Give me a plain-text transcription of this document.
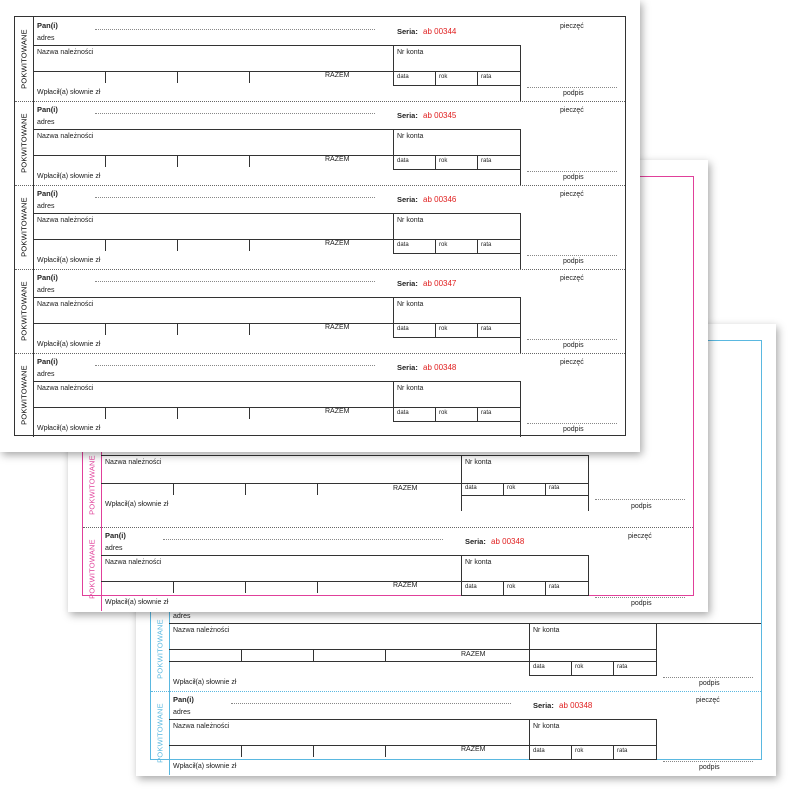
POKWITOWANE
adres
Nazwa należności	Nr konta
RAZEM
data	rok	rata
Wpłacił(a) słownie zł	podpis
POKWITOWANE
Pan(i)
Seria: ab 00348
pieczęć
adres
Nazwa należności	Nr konta
RAZEM	data	rok	rata
Wpłacił(a) słownie zł	podpis
POKWITOWANE Nazwa należności	Nr konta
RAZEM	data	rok	rata
Wpłacił(a) słownie zł	podpis
POKWITOWANE
Pan(i)
Seria: ab 00348
pieczęć
adres
Nazwa należności	Nr konta
RAZEM	data	rok	rata
Wpłacił(a) słownie zł	podpis
POKWITOWANE
Pan(i)
Seria: ab 00344
pieczęć
adres
Nazwa należności	Nr konta
RAZEM	data	rok	rata
Wpłacił(a) słownie zł	podpis
POKWITOWANE
Pan(i)
Seria: ab 00345
pieczęć
adres
Nazwa należności	Nr konta
RAZEM	data	rok	rata
Wpłacił(a) słownie zł	podpis
POKWITOWANE
Pan(i)
Seria: ab 00346
pieczęć
adres
Nazwa należności	Nr konta
RAZEM	data	rok	rata
Wpłacił(a) słownie zł	podpis
POKWITOWANE
Pan(i)
Seria: ab 00347
pieczęć
adres
Nazwa należności	Nr konta
RAZEM	data	rok	rata
Wpłacił(a) słownie zł	podpis
POKWITOWANE
Pan(i)
Seria: ab 00348
pieczęć
adres
Nazwa należności	Nr konta
RAZEM	data	rok	rata
Wpłacił(a) słownie zł	podpis
